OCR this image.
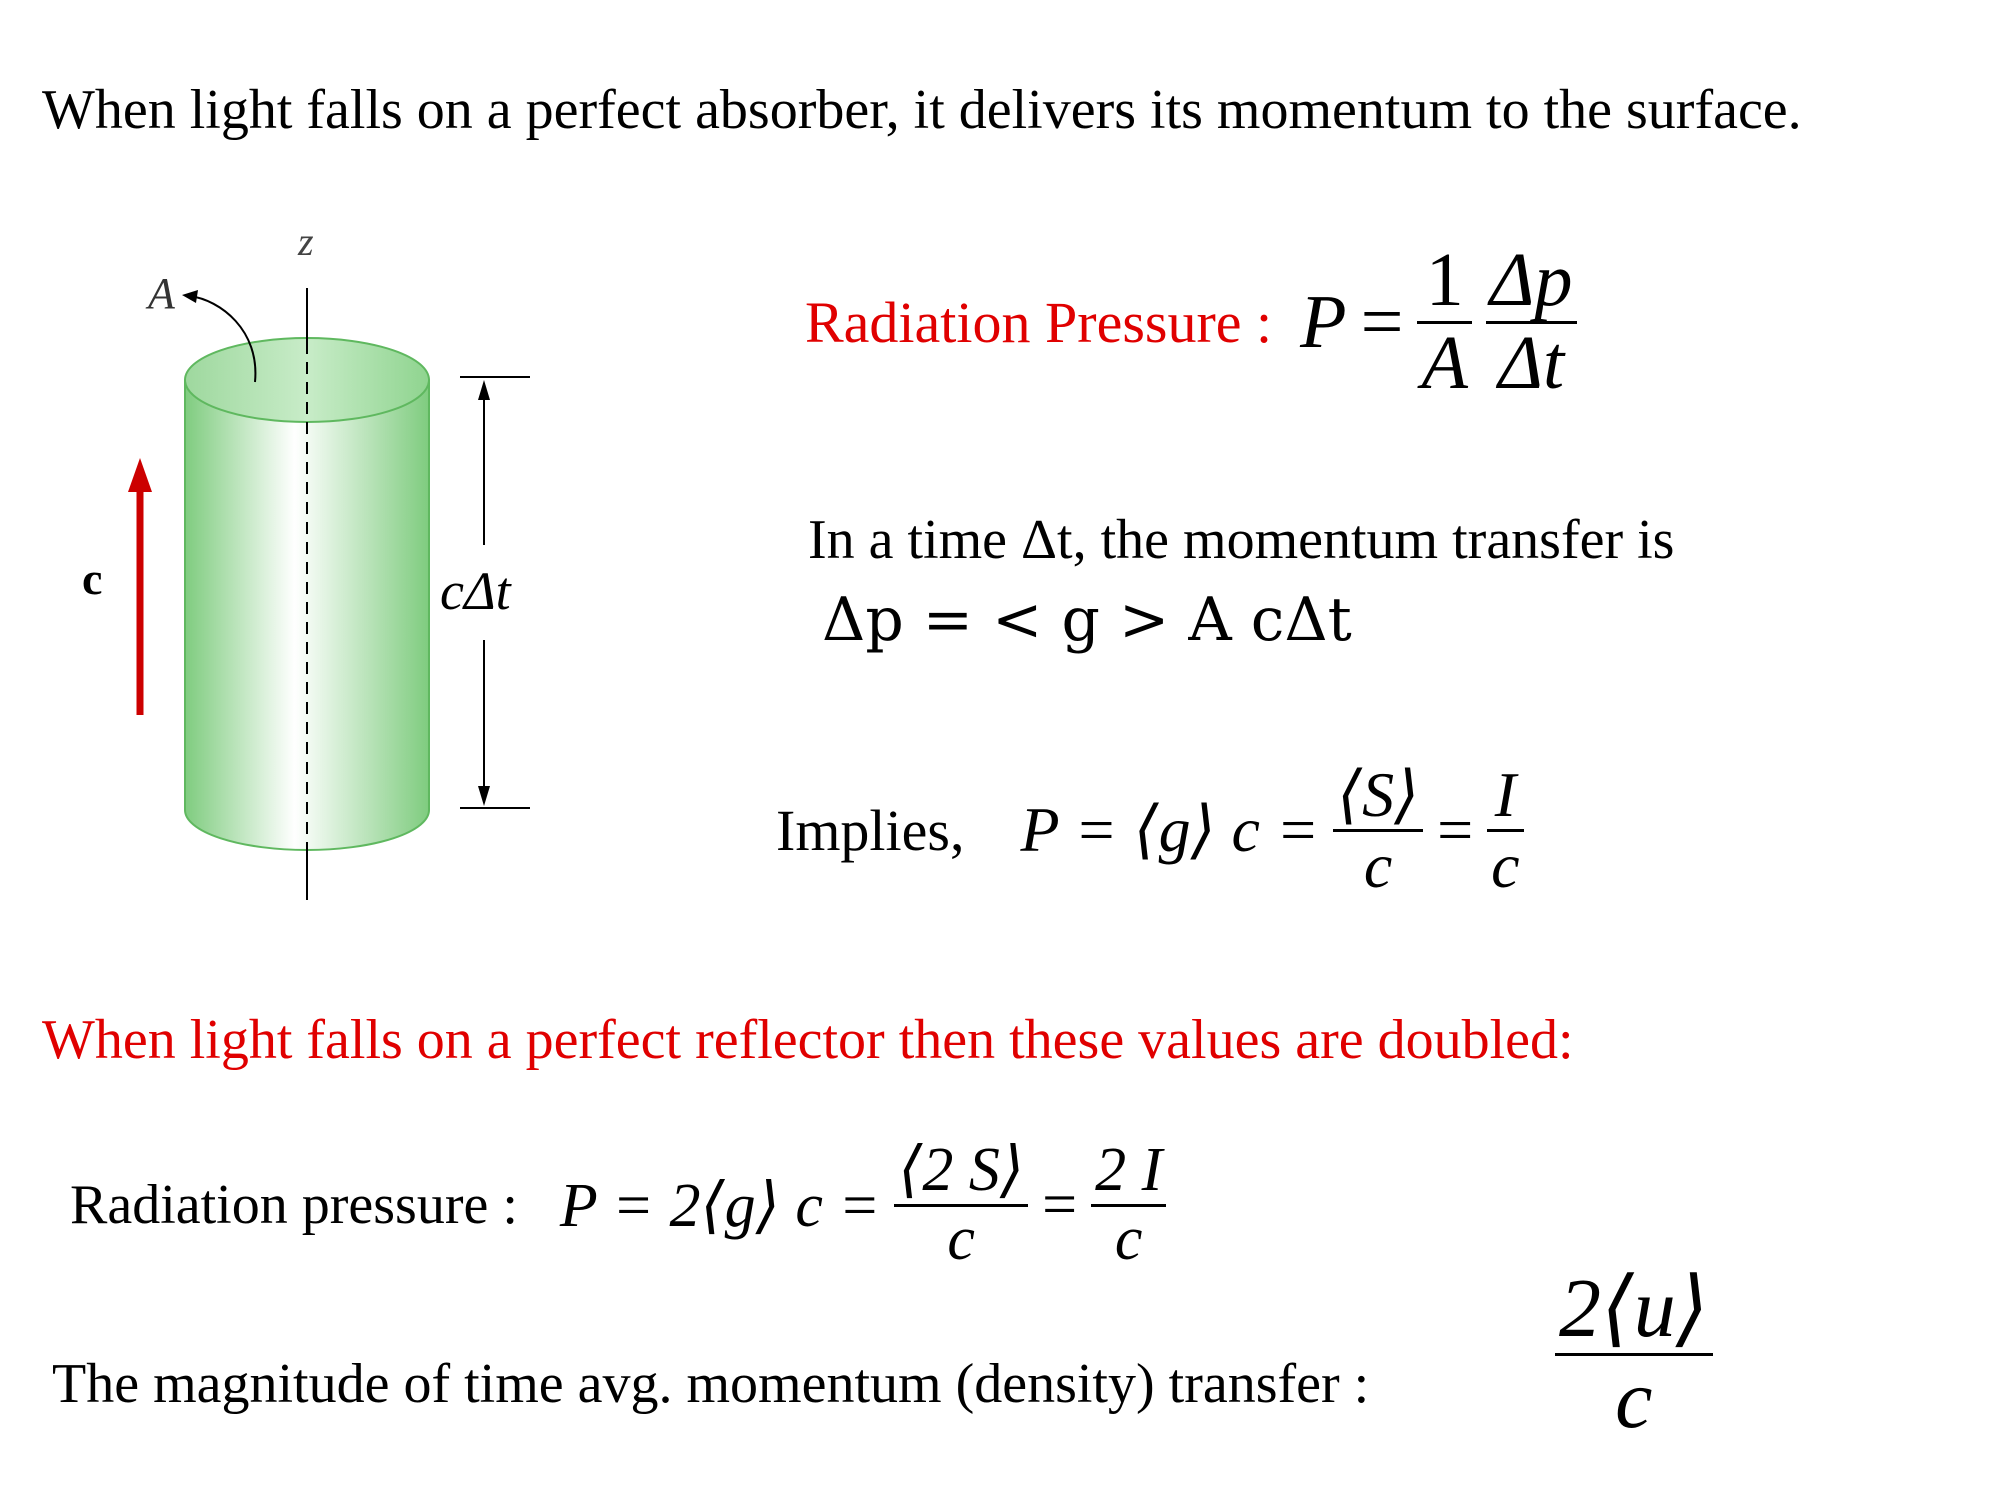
When light falls on a perfect absorber, it delivers its momentum to the surface.
z
A
c	cΔt
Radiation Pressure : $P = \frac{1}{A} \frac{\Delta p}{\Delta t}$
In a time Δt, the momentum transfer is
Δp = < g > A cΔt
Implies, P = ⟨g⟩ $c = \frac{⟨S⟩}{c} = \frac{I}{c}$
When light falls on a perfect reflector then these values are doubled:
Radiation pressure : P = 2⟨g⟩ $c = \frac{⟨2 S⟩}{c} = \frac{2 I}{c}$
The magnitude of time avg. momentum (density) transfer : $\frac{2⟨u⟩}{c}$
